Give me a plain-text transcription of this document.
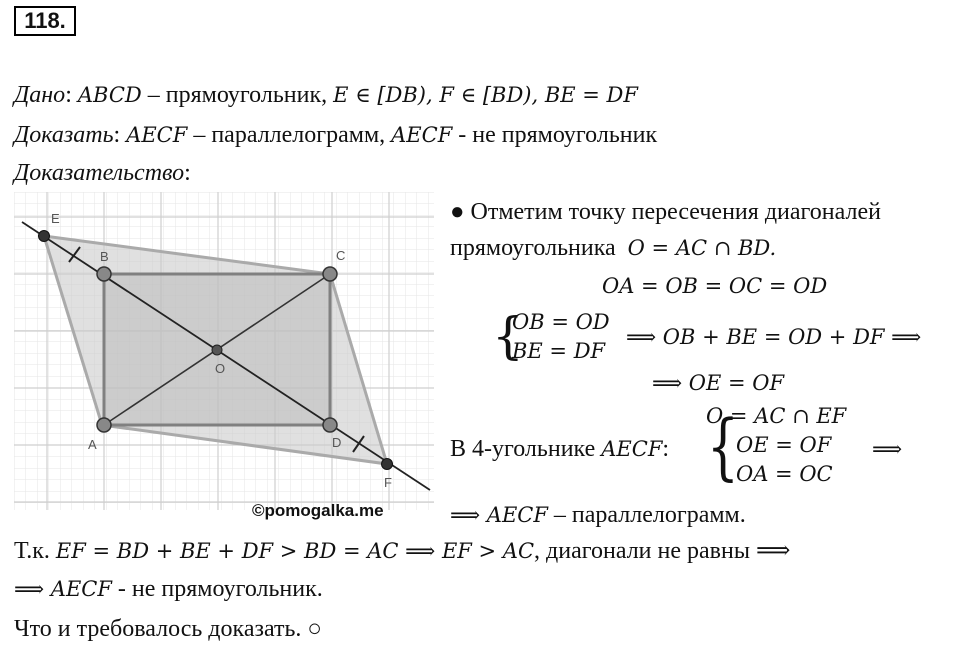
118.
Дано: ABCD – прямоугольник, E ∈ [DB), F ∈ [BD), BE = DF
Доказать: AECF – параллелограмм, AECF - не прямоугольник
Доказательство:
E
B	C
O
A	D
F
©pomogalka.me
● Отметим точку пересечения диагоналей
прямоугольника O = AC ∩ BD.
OA = OB = OC = OD
{
OB = OD
BE = DF
⟹ OB + BE = OD + DF ⟹
⟹ OE = OF
В 4-угольнике AECF: {
O = AC ∩ EF
OE = OF
OA = OC
⟹
⟹ AECF – параллелограмм.
Т.к. EF = BD + BE + DF > BD = AC ⟹ EF > AC, диагонали не равны ⟹
⟹ AECF - не прямоугольник.
Что и требовалось доказать. ○
